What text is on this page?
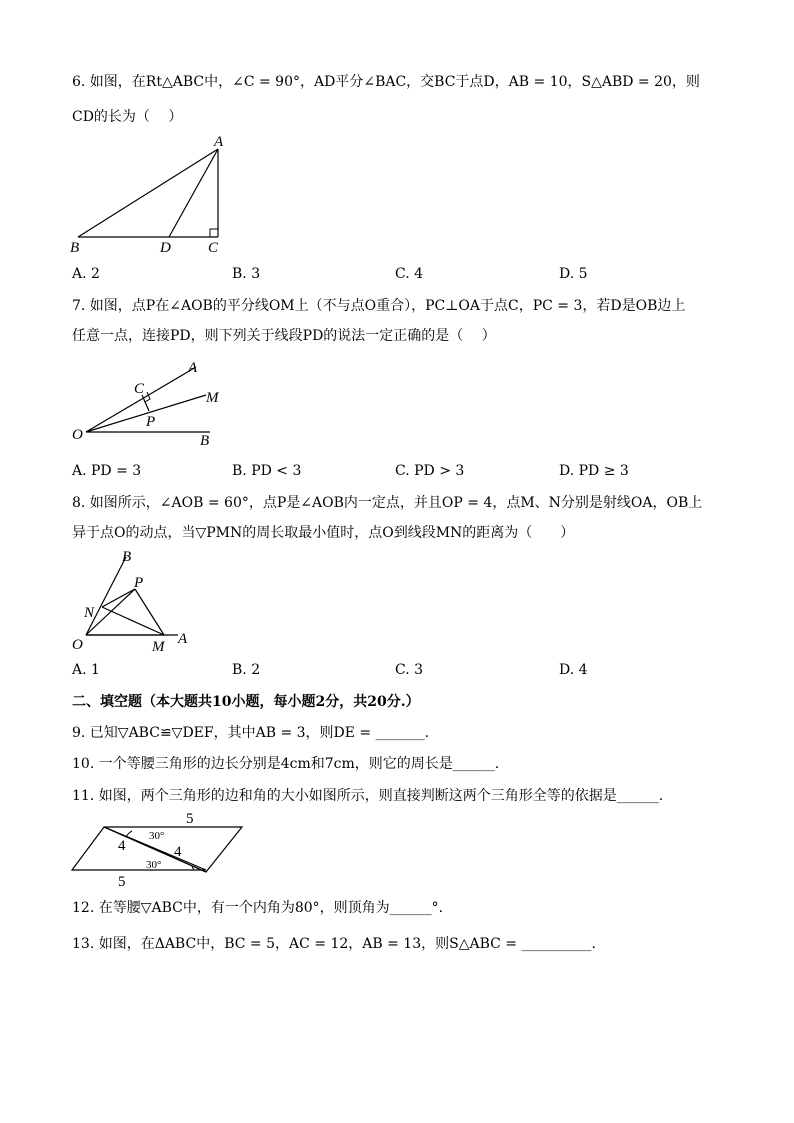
6. 如图，在Rt△ABC中，∠C = 90°，AD平分∠BAC，交BC于点D，AB = 10，S△ABD = 20，则
CD的长为（　 ）
A
B	D C
A. 2	B. 3	C. 4	D. 5
7. 如图，点P在∠AOB的平分线OM上（不与点O重合），PC⊥OA于点C，PC = 3，若D是OB边上
任意一点，连接PD，则下列关于线段PD的说法一定正确的是（　 ）
A
C
M
P
O	B
A. PD = 3	B. PD < 3	C. PD > 3	D. PD ≥ 3
8. 如图所示，∠AOB = 60°，点P是∠AOB内一定点，并且OP = 4，点M、N分别是射线OA，OB上
异于点O的动点，当▽PMN的周长取最小值时，点O到线段MN的距离为（　　）
B
P
N
O	M A
A. 1	B. 2	C. 3	D. 4
二、填空题（本大题共10小题，每小题2分，共20分.）
9. 已知▽ABC≌▽DEF，其中AB = 3，则DE = _______.
10. 一个等腰三角形的边长分别是4cm和7cm，则它的周长是______.
11. 如图，两个三角形的边和角的大小如图所示，则直接判断这两个三角形全等的依据是______.
5
4	4
30°
30°
5
12. 在等腰▽ABC中，有一个内角为80°，则顶角为______°.
13. 如图，在ΔABC中，BC = 5，AC = 12，AB = 13，则S△ABC = __________.
